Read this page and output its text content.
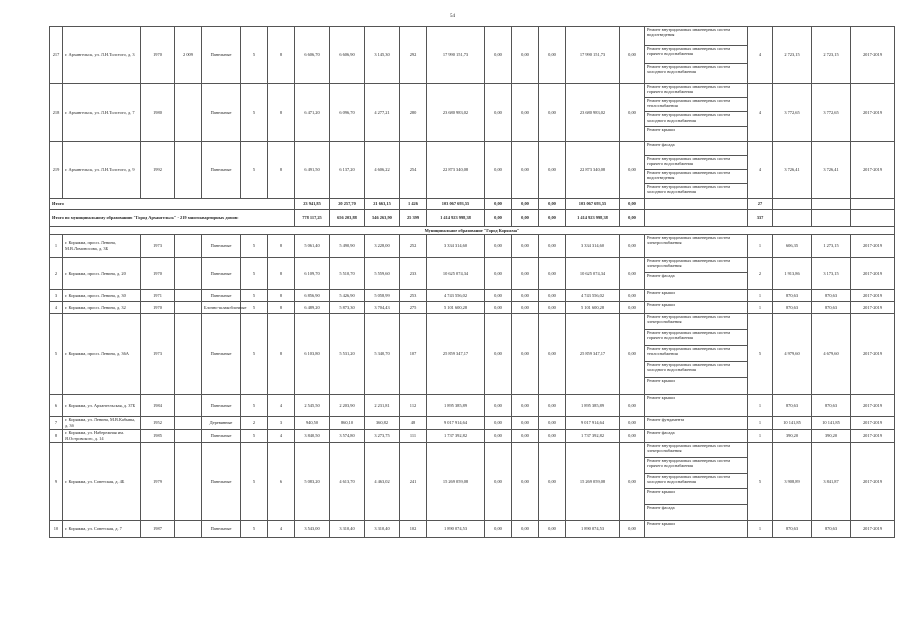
54
217	г. Архангельск, ул. Л.Н.Толстого, д. 3	1970	2 009	Панельные	5	8	6 606,70	6 606,90	3 145,30	292	17 990 151,73	0,00	0,00	0,00	17 990 151,73	0,00	Ремонт внутридомовых инженерных систем водоотведения
Ремонт внутридомовых инженерных систем горячего водоснабжения
Ремонт внутридомовых инженерных систем холодного водоснабжения	4	2 723,15	2 723,15	2017-2019
218	г. Архангельск, ул. Л.Н.Толстого, д. 7	1980		Панельные	5	8	6 471,20	6 096,70	4 277,21	280	23 680 983,02	0,00	0,00	0,00	23 680 983,02	0,00	Ремонт внутридомовых инженерных систем горячего водоснабжения
Ремонт внутридомовых инженерных систем теплоснабжения
Ремонт внутридомовых инженерных систем холодного водоснабжения
Ремонт крыши	4	3 772,65	3 772,65	2017-2019
219	г. Архангельск, ул. Л.Н.Толстого, д. 9	1992		Панельные	5	8	6 491,50	6 137,20	4 606,22	254	22 873 340,08	0,00	0,00	0,00	22 873 340,08	0,00	Ремонт фасада
Ремонт внутридомовых инженерных систем горячего водоснабжения
Ремонт внутридомовых инженерных систем водоотведения
Ремонт внутридомовых инженерных систем холодного водоснабжения	4	3 726,41	3 726,41	2017-2019
Итого							23 941,85	20 257,70	21 663,15	1 426	103 067 693,55	0,00	0,00	0,00	103 067 693,55	0,00		27			
Итого по муниципальному образованию "Город Архангельск" - 219 многоквартирных домов:							778 117,25	656 203,88	546 263,90	25 399	1 414 923 998,38	0,00	0,00	0,00	1 414 923 998,38	0,00		337			
Муниципальное образование "Город Коряжма"																					
1	г. Коряжма, просп. Ленина, М.В.Ломоносова, д. 3Б	1973		Панельные	5	8	5 061,40	5 490,90	3 228,00	252	3 334 314,60	0,00	0,00	0,00	3 334 314,60	0,00	Ремонт внутридомовых инженерных систем электроснабжения	1	606,35	1 273,15	2017-2019
2	г. Коряжма, просп. Ленина, д. 20	1970		Панельные	5	8	6 109,70	5 510,70	5 559,60	233	10 625 074,34	0,00	0,00	0,00	10 625 074,34	0,00	Ремонт внутридомовых инженерных систем электроснабжения
Ремонт фасада	2	1 913,86	3 173,15	2017-2019
3	г. Коряжма, просп. Ленина, д. 30	1971		Панельные	5	8	6 856,90	5 426,90	5 058,99	253	4 743 556,02	0,00	0,00	0,00	4 743 556,02	0,00	Ремонт крыши	1	870,63	870,63	2017-2019
4	г. Коряжма, просп. Ленина, д. 32	1970		Блочно-шлакоблочные	5	8	6 489,20	5 873,30	3 704,43	275	5 101 600,28	0,00	0,00	0,00	5 101 600,28	0,00	Ремонт крыши	1	870,63	870,63	2017-2019
5	г. Коряжма, просп. Ленина, д. 36А	1973		Панельные	5	8	6 103,80	5 531,20	5 340,70	107	25 859 347,17	0,00	0,00	0,00	25 859 347,17	0,00	Ремонт внутридомовых инженерных систем электроснабжения
Ремонт внутридомовых инженерных систем горячего водоснабжения
Ремонт внутридомовых инженерных систем теплоснабжения
Ремонт внутридомовых инженерных систем холодного водоснабжения
Ремонт крыши	5	4 979,60	4 679,60	2017-2019
6	г. Коряжма, ул. Архангельская, д. 37Б	1984		Панельные	5	4	2 545,50	2 203,90	2 231,81	112	1 895 385,89	0,00	0,00	0,00	1 895 385,89	0,00	Ремонт крыши	1	870,63	870,63	2017-2019
7	г. Коряжма, ул. Ленина, М.В.Кабывы, д. 3б	1952		Деревянные	2	3	940,50	860,10	360,82	48	9 017 914,64	0,00	0,00	0,00	9 017 914,64	0,00	Ремонт фундамента	1	10 141,85	10 141,85	2017-2019
8	г. Коряжма, ул. Набережная им. Я.Островского, д. 14	1985		Панельные	5	4	3 840,50	3 574,80	3 273,75	111	1 737 392,82	0,00	0,00	0,00	1 737 392,82	0,00	Ремонт фасада	1	390,20	390,20	2017-2019
9	г. Коряжма, ул. Советская, д. 4Б	1979		Панельные	5	6	5 083,20	4 613,70	4 463,02	241	15 269 059,08	0,00	0,00	0,00	15 269 059,08	0,00	Ремонт внутридомовых инженерных систем электроснабжения
Ремонт внутридомовых инженерных систем горячего водоснабжения
Ремонт внутридомовых инженерных систем холодного водоснабжения
Ремонт крыши
Ремонт фасада	5	3 908,89	3 841,87	2017-2019
10	г. Коряжма, ул. Советская, д. 7	1987		Панельные	5	4	3 543,00	3 310,40	3 310,40	102	1 890 074,53	0,00	0,00	0,00	1 890 074,53	0,00	Ремонт крыши	1	870,63	870,63	2017-2019
